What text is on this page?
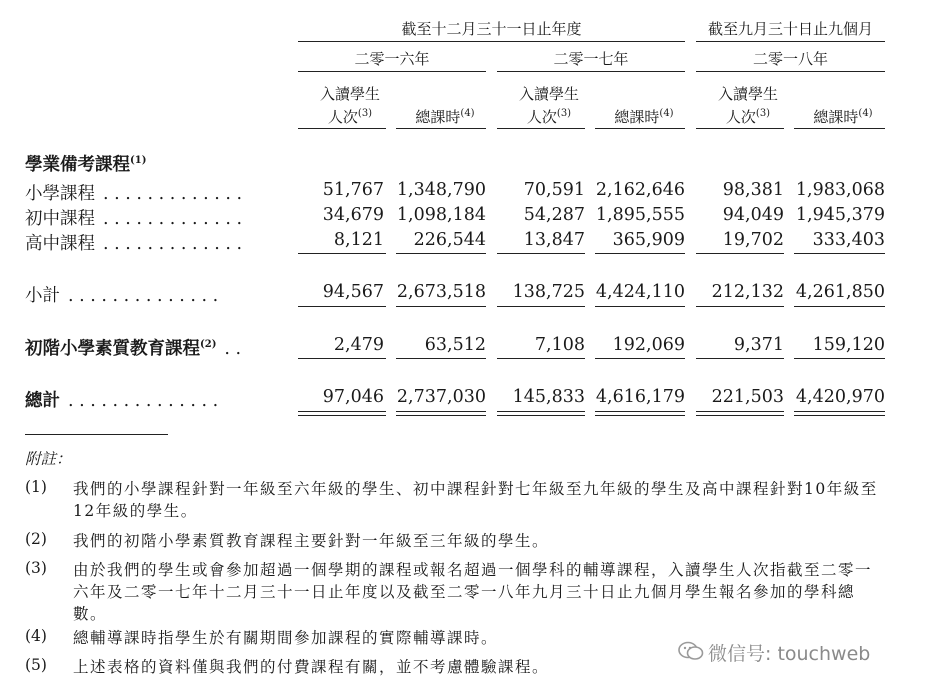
截至十二月三十一日止年度	截至九月三十日止九個月
二零一六年	二零一七年	二零一八年
入讀學生
人次$^{(3)}$	總課時$^{(4)}$
入讀學生
人次$^{(3)}$	總課時$^{(4)}$
入讀學生
人次$^{(3)}$	總課時$^{(4)}$
學業備考課程$^{(1)}$
小學課程 . . . . . . . . . . . . .	51,767 1,348,790	70,591 2,162,646	98,381 1,983,068
初中課程 . . . . . . . . . . . . .	34,679 1,098,184	54,287 1,895,555	94,049 1,945,379
高中課程 . . . . . . . . . . . . .	8,121	226,544	13,847	365,909	19,702	333,403
小計 . . . . . . . . . . . . . .	94,567 2,673,518	138,725 4,424,110	212,132 4,261,850
初階小學素質教育課程$^{(2)}$ . .	2,479	63,512	7,108	192,069	9,371	159,120
總計 . . . . . . . . . . . . . .	97,046 2,737,030	145,833 4,616,179	221,503 4,420,970
附註：
(1) 我們的小學課程針對一年級至六年級的學生、初中課程針對七年級至九年級的學生及高中課程針對10年級至12年級的學生。
(2) 我們的初階小學素質教育課程主要針對一年級至三年級的學生。
(3) 由於我們的學生或會參加超過一個學期的課程或報名超過一個學科的輔導課程，入讀學生人次指截至二零一六年及二零一七年十二月三十一日止年度以及截至二零一八年九月三十日止九個月學生報名參加的學科總數。
(4) 總輔導課時指學生於有關期間參加課程的實際輔導課時。
(5) 上述表格的資料僅與我們的付費課程有關，並不考慮體驗課程。
微信号: touchweb
